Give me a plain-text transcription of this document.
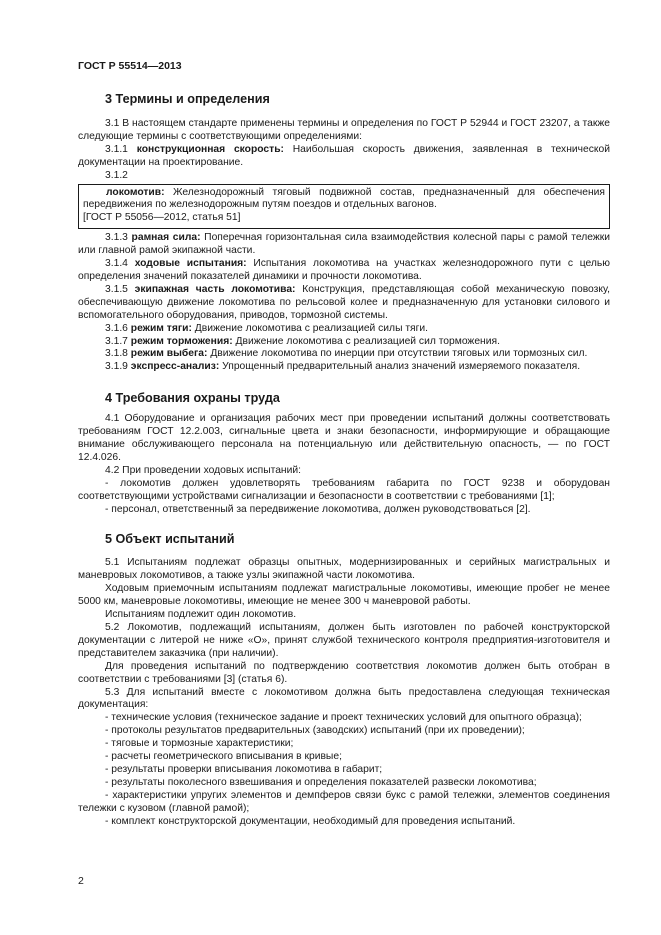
ГОСТ Р 55514—2013
3 Термины и определения

3.1 В настоящем стандарте применены термины и определения по ГОСТ Р 52944 и ГОСТ 23207, а также следующие термины с соответствующими определениями:

3.1.1 конструкционная скорость: Наибольшая скорость движения, заявленная в технической документации на проектирование.

3.1.2

локомотив: Железнодорожный тяговый подвижной состав, предназначенный для обеспечения передвижения по железнодорожным путям поездов и отдельных вагонов.

[ГОСТ Р 55056—2012, статья 51]

3.1.3 рамная сила: Поперечная горизонтальная сила взаимодействия колесной пары с рамой тележки или главной рамой экипажной части.

3.1.4 ходовые испытания: Испытания локомотива на участках железнодорожного пути с целью определения значений показателей динамики и прочности локомотива.

3.1.5 экипажная часть локомотива: Конструкция, представляющая собой механическую повозку, обеспечивающую движение локомотива по рельсовой колее и предназначенную для установки силового и вспомогательного оборудования, приводов, тормозной системы.

3.1.6 режим тяги: Движение локомотива с реализацией силы тяги.

3.1.7 режим торможения: Движение локомотива с реализацией сил торможения.

3.1.8 режим выбега: Движение локомотива по инерции при отсутствии тяговых или тормозных сил.

3.1.9 экспресс-анализ: Упрощенный предварительный анализ значений измеряемого показателя.

4 Требования охраны труда

4.1 Оборудование и организация рабочих мест при проведении испытаний должны соответствовать требованиям ГОСТ 12.2.003, сигнальные цвета и знаки безопасности, информирующие и обращающие внимание обслуживающего персонала на потенциальную или действительную опасность, — по ГОСТ 12.4.026.

4.2 При проведении ходовых испытаний:

- локомотив должен удовлетворять требованиям габарита по ГОСТ 9238 и оборудован соответствующими устройствами сигнализации и безопасности в соответствии с требованиями [1];

- персонал, ответственный за передвижение локомотива, должен руководствоваться [2].

5 Объект испытаний

5.1 Испытаниям подлежат образцы опытных, модернизированных и серийных магистральных и маневровых локомотивов, а также узлы экипажной части локомотива.

Ходовым приемочным испытаниям подлежат магистральные локомотивы, имеющие пробег не менее 5000 км, маневровые локомотивы, имеющие не менее 300 ч маневровой работы.

Испытаниям подлежит один локомотив.

5.2 Локомотив, подлежащий испытаниям, должен быть изготовлен по рабочей конструкторской документации с литерой не ниже «О», принят службой технического контроля предприятия-изготовителя и представителем заказчика (при наличии).

Для проведения испытаний по подтверждению соответствия локомотив должен быть отобран в соответствии с требованиями [3] (статья 6).

5.3 Для испытаний вместе с локомотивом должна быть предоставлена следующая техническая документация:

- технические условия (техническое задание и проект технических условий для опытного образца);

- протоколы результатов предварительных (заводских) испытаний (при их проведении);

- тяговые и тормозные характеристики;

- расчеты геометрического вписывания в кривые;

- результаты проверки вписывания локомотива в габарит;

- результаты поколесного взвешивания и определения показателей развески локомотива;

- характеристики упругих элементов и демпферов связи букс с рамой тележки, элементов соединения тележки с кузовом (главной рамой);

- комплект конструкторской документации, необходимый для проведения испытаний.

2
